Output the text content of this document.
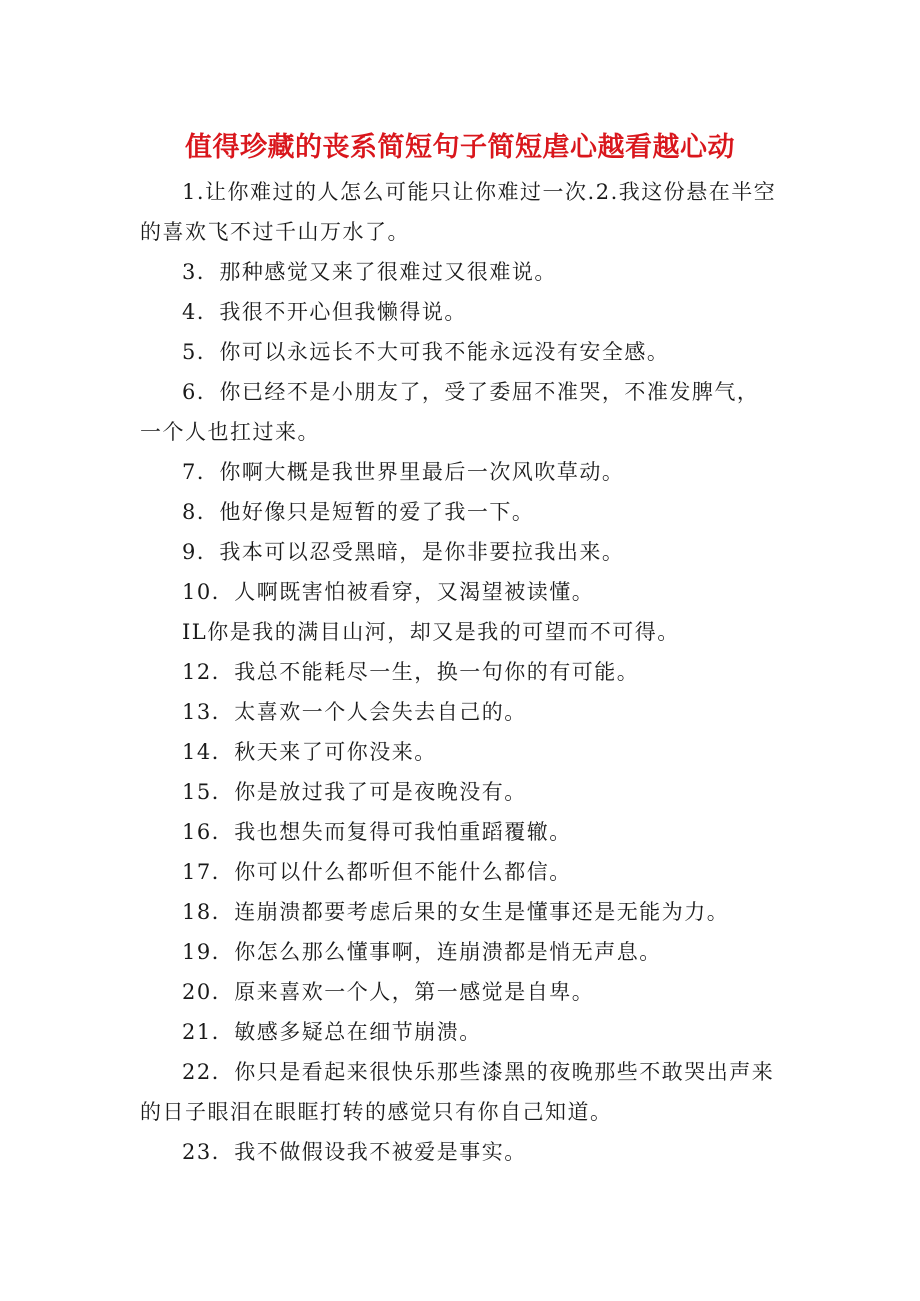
值得珍藏的丧系简短句子简短虐心越看越心动

1.让你难过的人怎么可能只让你难过一次.2.我这份悬在半空的喜欢飞不过千山万水了。

3．那种感觉又来了很难过又很难说。

4．我很不开心但我懒得说。

5．你可以永远长不大可我不能永远没有安全感。

6．你已经不是小朋友了，受了委屈不准哭，不准发脾气，一个人也扛过来。

7．你啊大概是我世界里最后一次风吹草动。

8．他好像只是短暂的爱了我一下。

9．我本可以忍受黑暗，是你非要拉我出来。

10．人啊既害怕被看穿，又渴望被读懂。

IL你是我的满目山河，却又是我的可望而不可得。

12．我总不能耗尽一生，换一句你的有可能。

13．太喜欢一个人会失去自己的。

14．秋天来了可你没来。

15．你是放过我了可是夜晚没有。

16．我也想失而复得可我怕重蹈覆辙。

17．你可以什么都听但不能什么都信。

18．连崩溃都要考虑后果的女生是懂事还是无能为力。

19．你怎么那么懂事啊，连崩溃都是悄无声息。

20．原来喜欢一个人，第一感觉是自卑。

21．敏感多疑总在细节崩溃。

22．你只是看起来很快乐那些漆黑的夜晚那些不敢哭出声来的日子眼泪在眼眶打转的感觉只有你自己知道。

23．我不做假设我不被爱是事实。
